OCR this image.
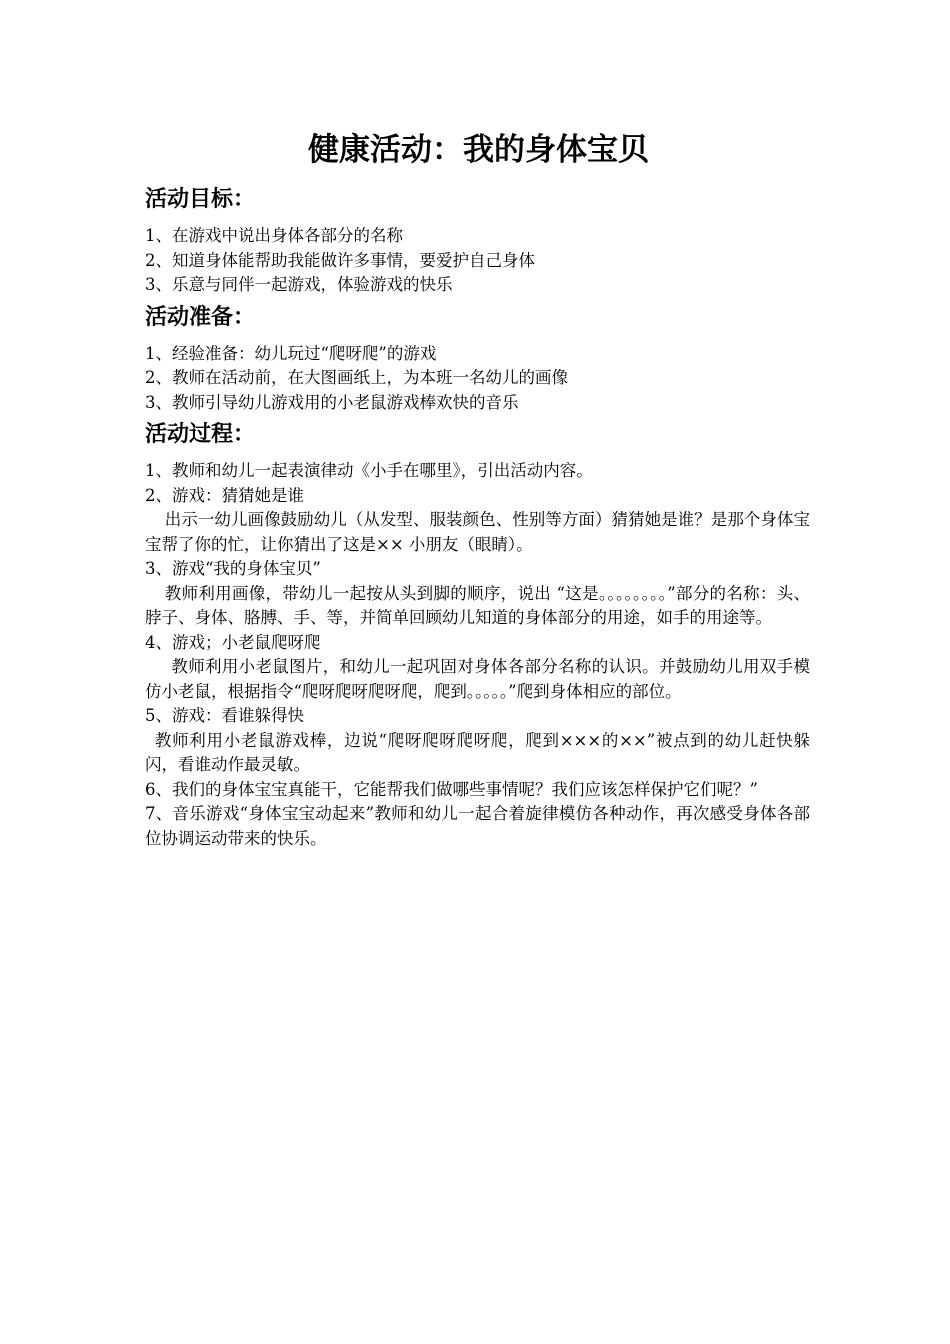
健康活动：我的身体宝贝
活动目标：

1、在游戏中说出身体各部分的名称

2、知道身体能帮助我能做许多事情，要爱护自己身体

3、乐意与同伴一起游戏，体验游戏的快乐

活动准备：

1、经验准备：幼儿玩过“爬呀爬”的游戏

2、教师在活动前，在大图画纸上，为本班一名幼儿的画像

3、教师引导幼儿游戏用的小老鼠游戏棒欢快的音乐

活动过程：

1、教师和幼儿一起表演律动《小手在哪里》，引出活动内容。

2、游戏：猜猜她是谁

出示一幼儿画像鼓励幼儿（从发型、服装颜色、性别等方面）猜猜她是谁？是那个身体宝宝帮了你的忙，让你猜出了这是×× 小朋友（眼睛）。

3、游戏“我的身体宝贝”

教师利用画像，带幼儿一起按从头到脚的顺序，说出 “这是。。。。。。。。”部分的名称：头、脖子、身体、胳膊、手、等，并简单回顾幼儿知道的身体部分的用途，如手的用途等。

4、游戏；小老鼠爬呀爬

教师利用小老鼠图片，和幼儿一起巩固对身体各部分名称的认识。并鼓励幼儿用双手模仿小老鼠，根据指令“爬呀爬呀爬呀爬，爬到。。。。。”爬到身体相应的部位。

5、游戏：看谁躲得快

教师利用小老鼠游戏棒，边说“爬呀爬呀爬呀爬，爬到×××的××”被点到的幼儿赶快躲闪，看谁动作最灵敏。

6、我们的身体宝宝真能干，它能帮我们做哪些事情呢？我们应该怎样保护它们呢？”

7、音乐游戏“身体宝宝动起来”教师和幼儿一起合着旋律模仿各种动作，再次感受身体各部位协调运动带来的快乐。
